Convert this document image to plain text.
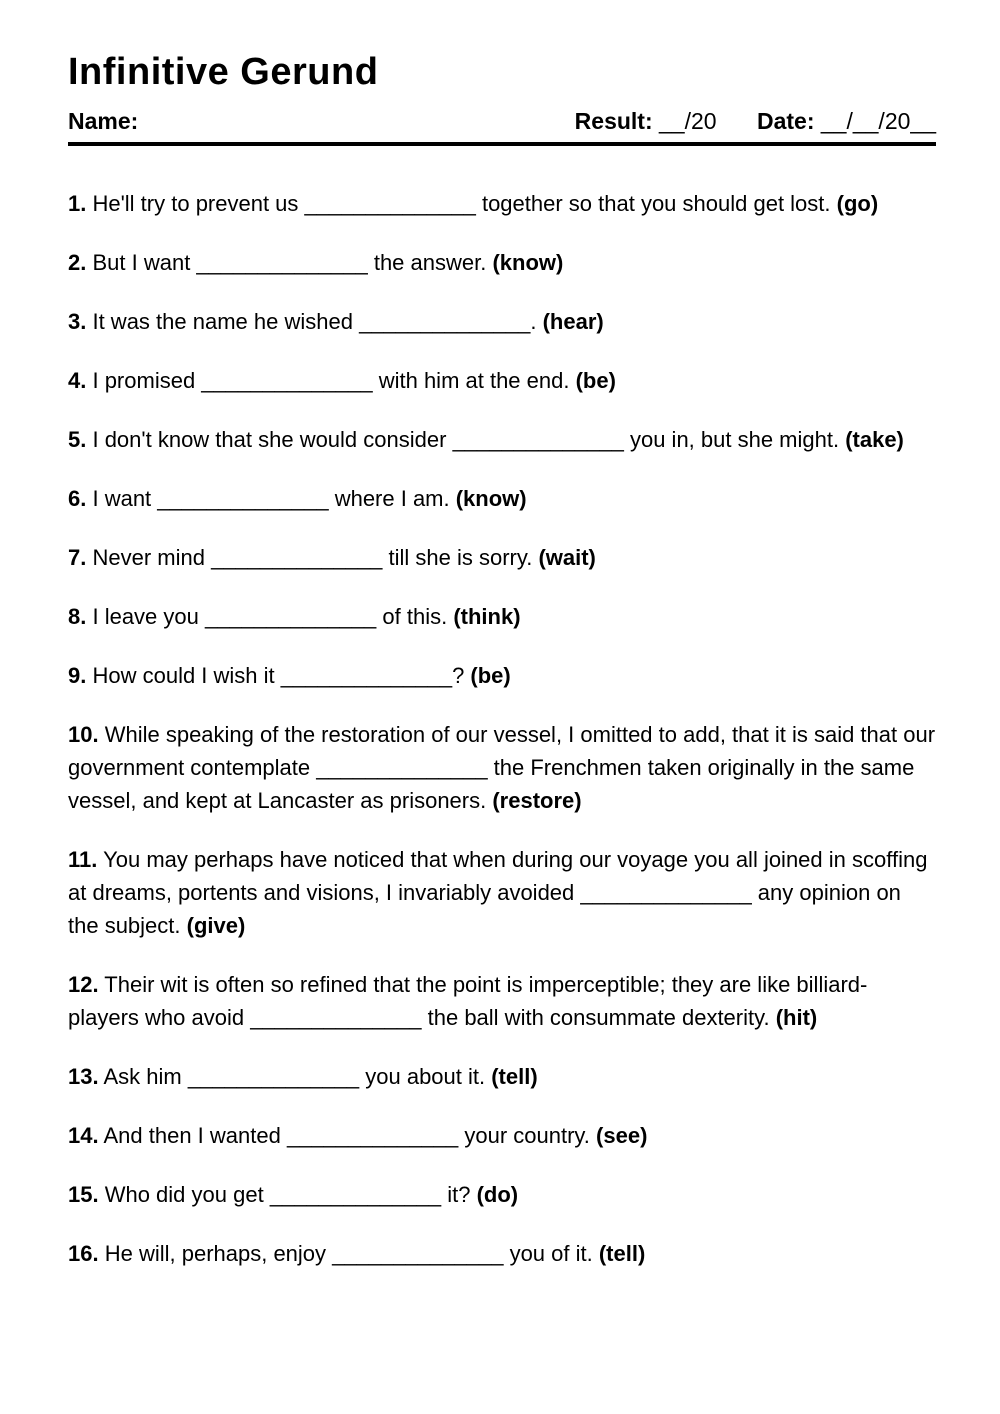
Infinitive Gerund
Name:	Result: __/20 Date: __/__/20__

1. He'll try to prevent us ______________ together so that you should get lost. (go)

2. But I want ______________ the answer. (know)

3. It was the name he wished ______________. (hear)

4. I promised ______________ with him at the end. (be)

5. I don't know that she would consider ______________ you in, but she might. (take)

6. I want ______________ where I am. (know)

7. Never mind ______________ till she is sorry. (wait)

8. I leave you ______________ of this. (think)

9. How could I wish it ______________? (be)

10. While speaking of the restoration of our vessel, I omitted to add, that it is said that our government contemplate ______________ the Frenchmen taken originally in the same vessel, and kept at Lancaster as prisoners. (restore)

11. You may perhaps have noticed that when during our voyage you all joined in scoffing at dreams, portents and visions, I invariably avoided ______________ any opinion on the subject. (give)

12. Their wit is often so refined that the point is imperceptible; they are like billiard-players who avoid ______________ the ball with consummate dexterity. (hit)

13. Ask him ______________ you about it. (tell)

14. And then I wanted ______________ your country. (see)

15. Who did you get ______________ it? (do)

16. He will, perhaps, enjoy ______________ you of it. (tell)
